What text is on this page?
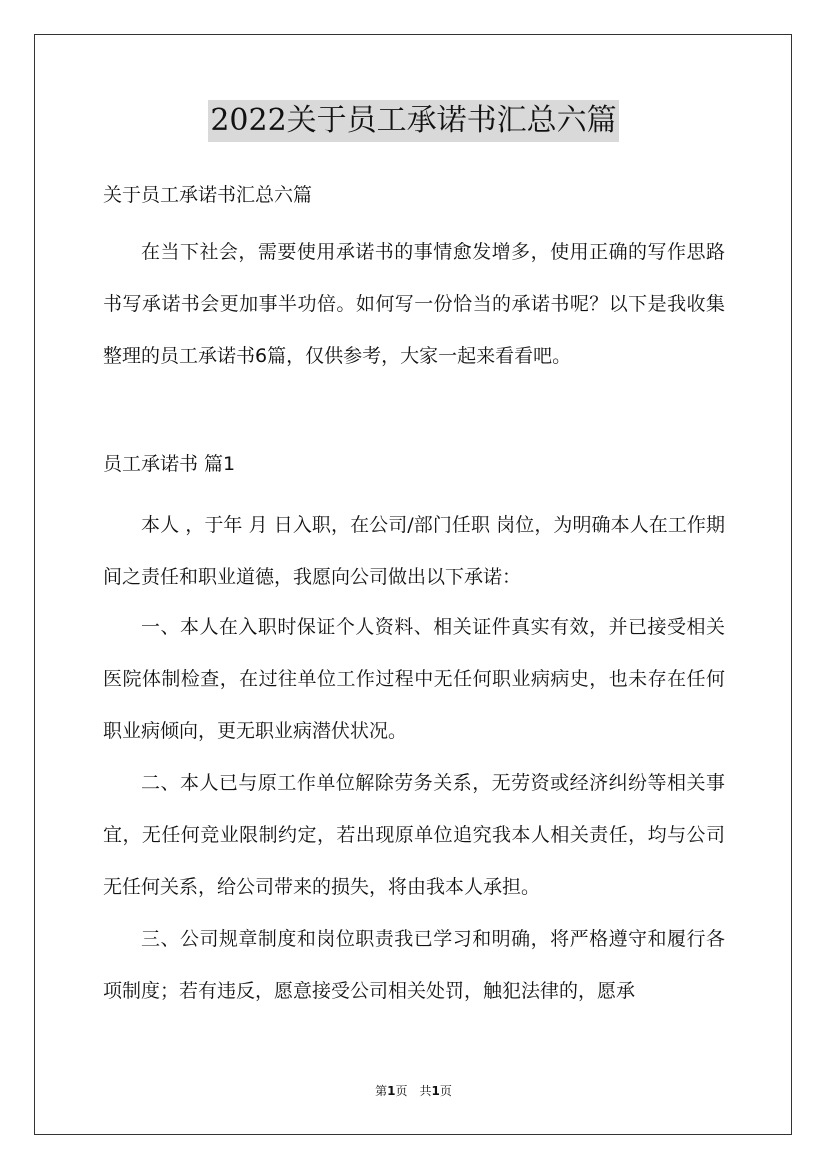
2022关于员工承诺书汇总六篇

关于员工承诺书汇总六篇

在当下社会，需要使用承诺书的事情愈发增多，使用正确的写作思路书写承诺书会更加事半功倍。如何写一份恰当的承诺书呢？以下是我收集整理的员工承诺书6篇，仅供参考，大家一起来看看吧。

员工承诺书 篇1

本人 ，于年 月 日入职，在公司/部门任职 岗位，为明确本人在工作期间之责任和职业道德，我愿向公司做出以下承诺：

一、本人在入职时保证个人资料、相关证件真实有效，并已接受相关医院体制检查，在过往单位工作过程中无任何职业病病史，也未存在任何职业病倾向，更无职业病潜伏状况。

二、本人已与原工作单位解除劳务关系，无劳资或经济纠纷等相关事宜，无任何竞业限制约定，若出现原单位追究我本人相关责任，均与公司无任何关系，给公司带来的损失，将由我本人承担。

三、公司规章制度和岗位职责我已学习和明确，将严格遵守和履行各项制度；若有违反，愿意接受公司相关处罚，触犯法律的，愿承

第1页 共1页
